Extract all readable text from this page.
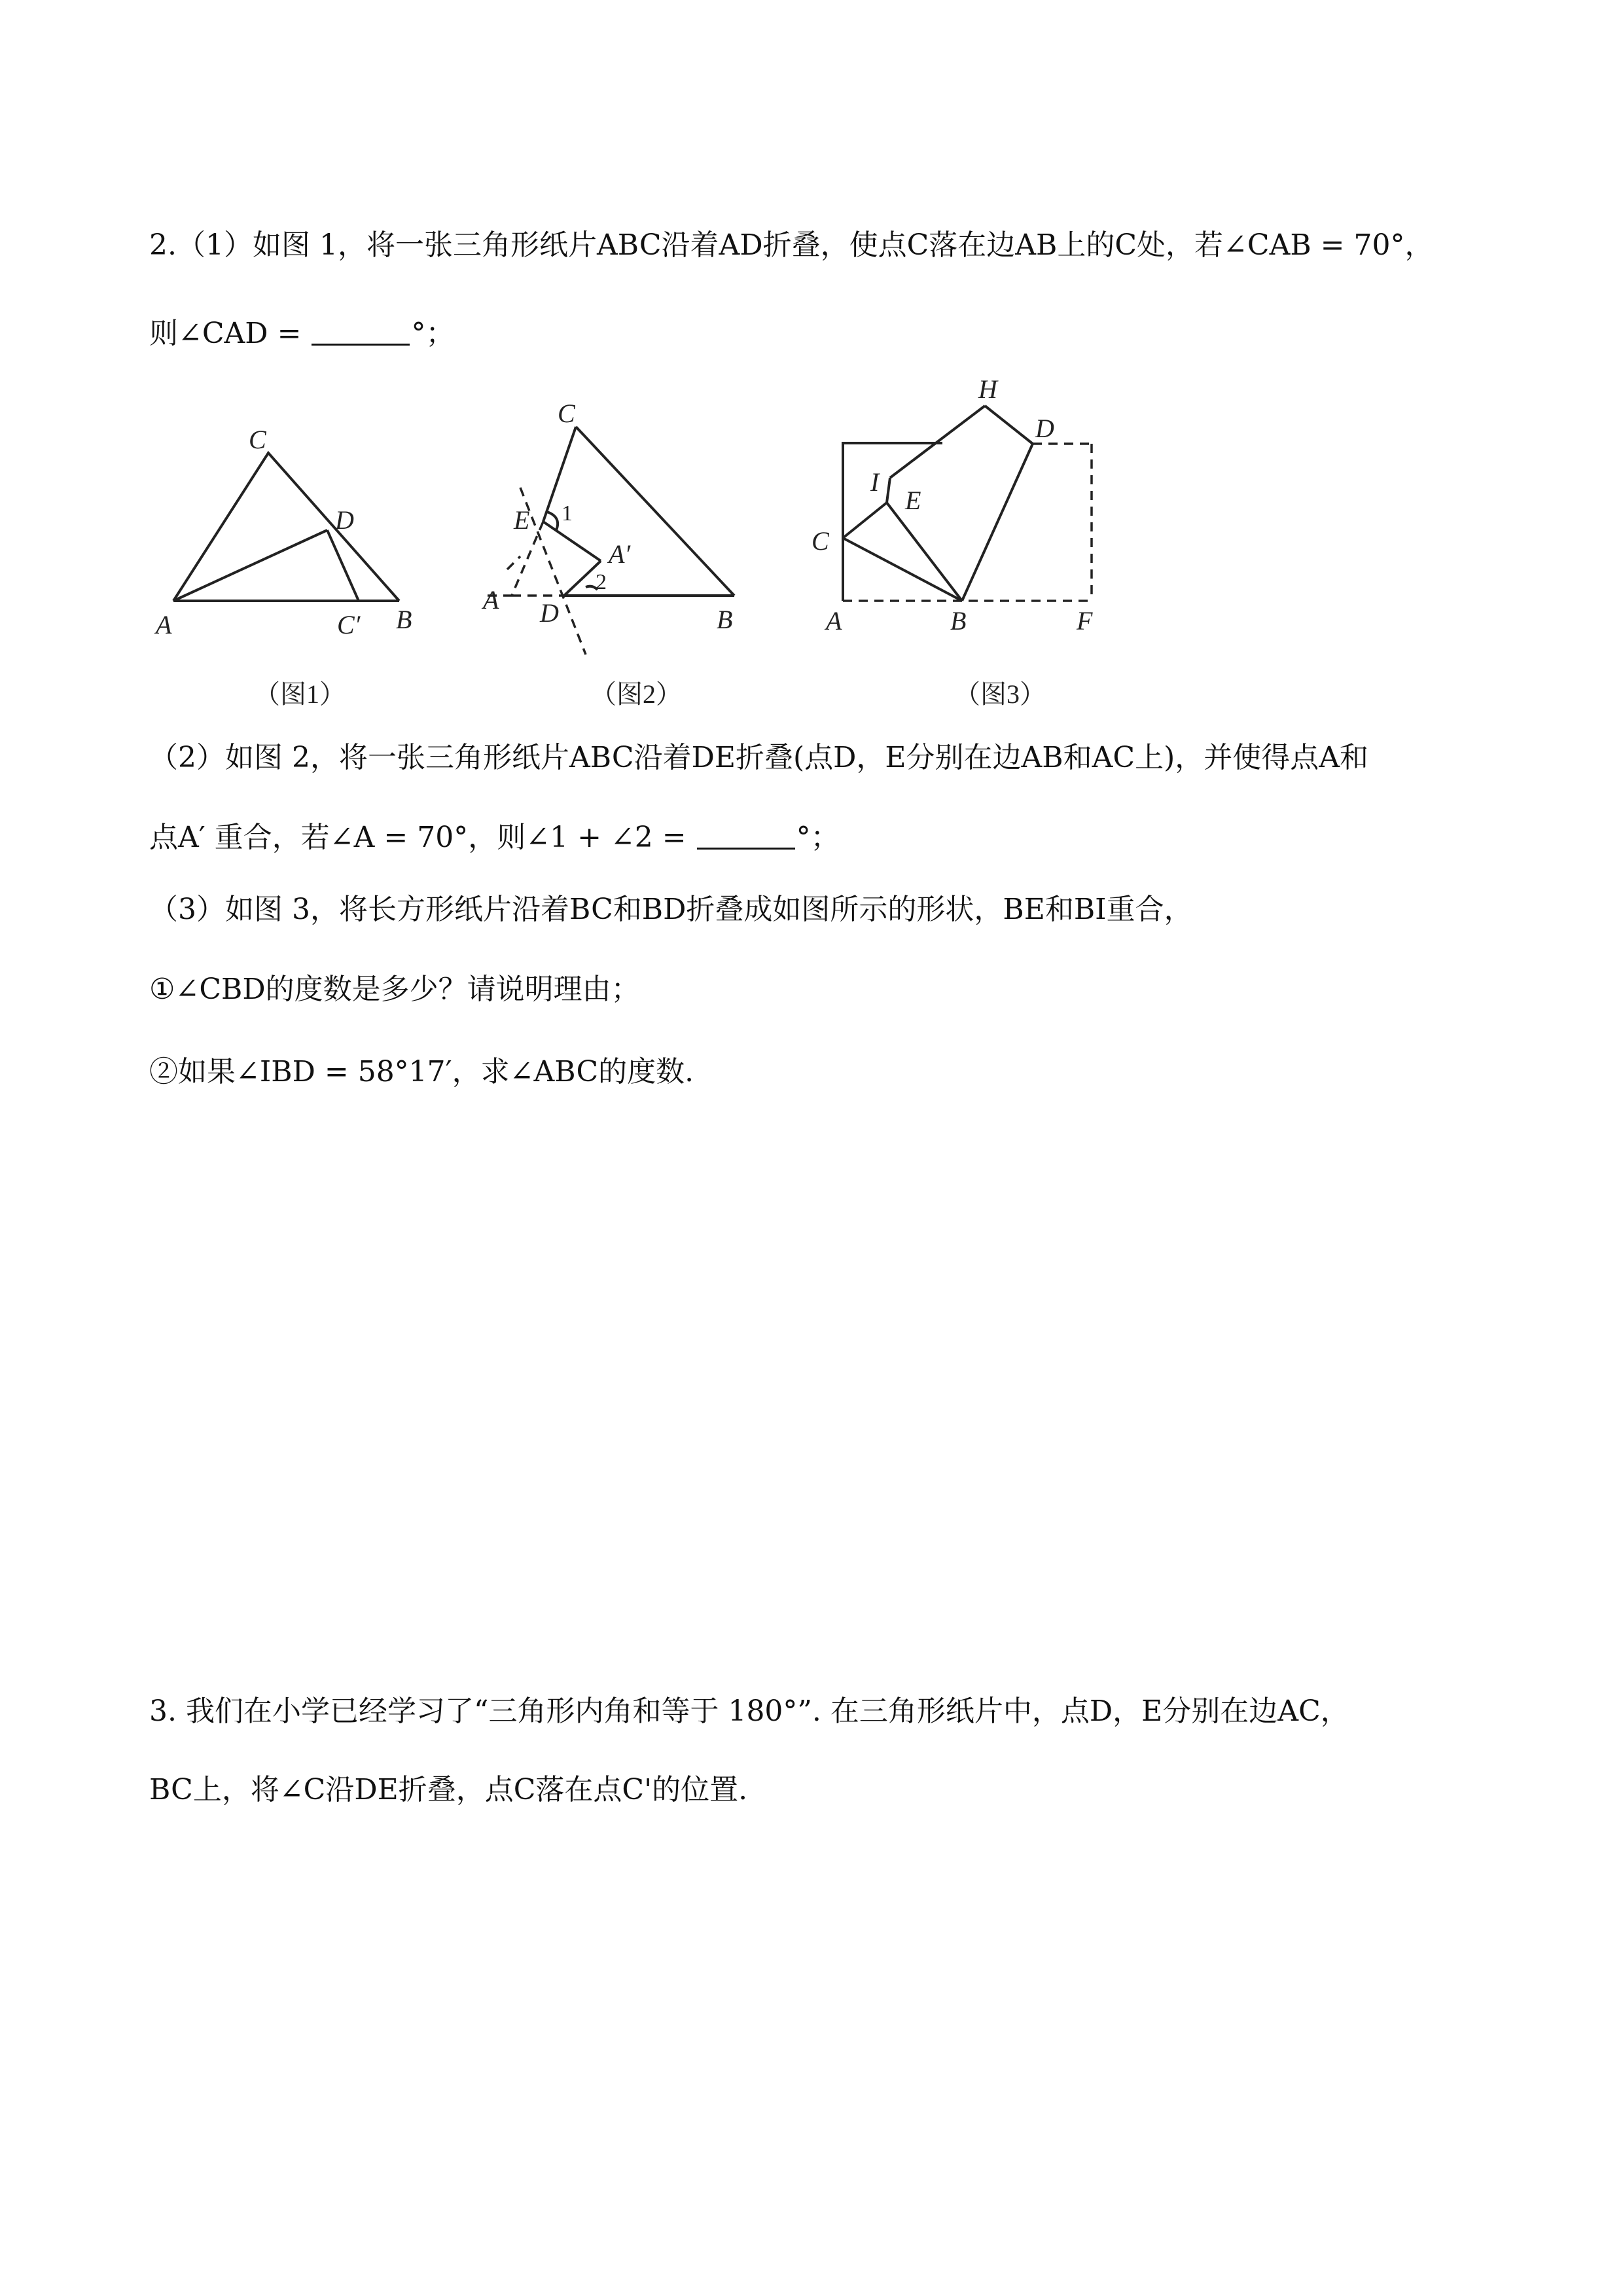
2.（1）如图 1，将一张三角形纸片ABC沿着AD折叠，使点C落在边AB上的C处，若∠CAB = 70°，
则∠CAD =	°；
C
D
A	C′ B
C
E 1
A′
2
A D	B
H
D
I
E
C
A	B	F
（图1）	（图2）	（图3）
（2）如图 2，将一张三角形纸片ABC沿着DE折叠(点D，E分别在边AB和AC上)，并使得点A和
点A′ 重合，若∠A = 70°，则∠1 + ∠2 =	°；
（3）如图 3，将长方形纸片沿着BC和BD折叠成如图所示的形状，BE和BI重合，
①∠CBD的度数是多少？请说明理由；
②如果∠IBD = 58°17′，求∠ABC的度数.
3. 我们在小学已经学习了“三角形内角和等于 180°”. 在三角形纸片中，点D，E分别在边AC，
BC上，将∠C沿DE折叠，点C落在点C'的位置.
